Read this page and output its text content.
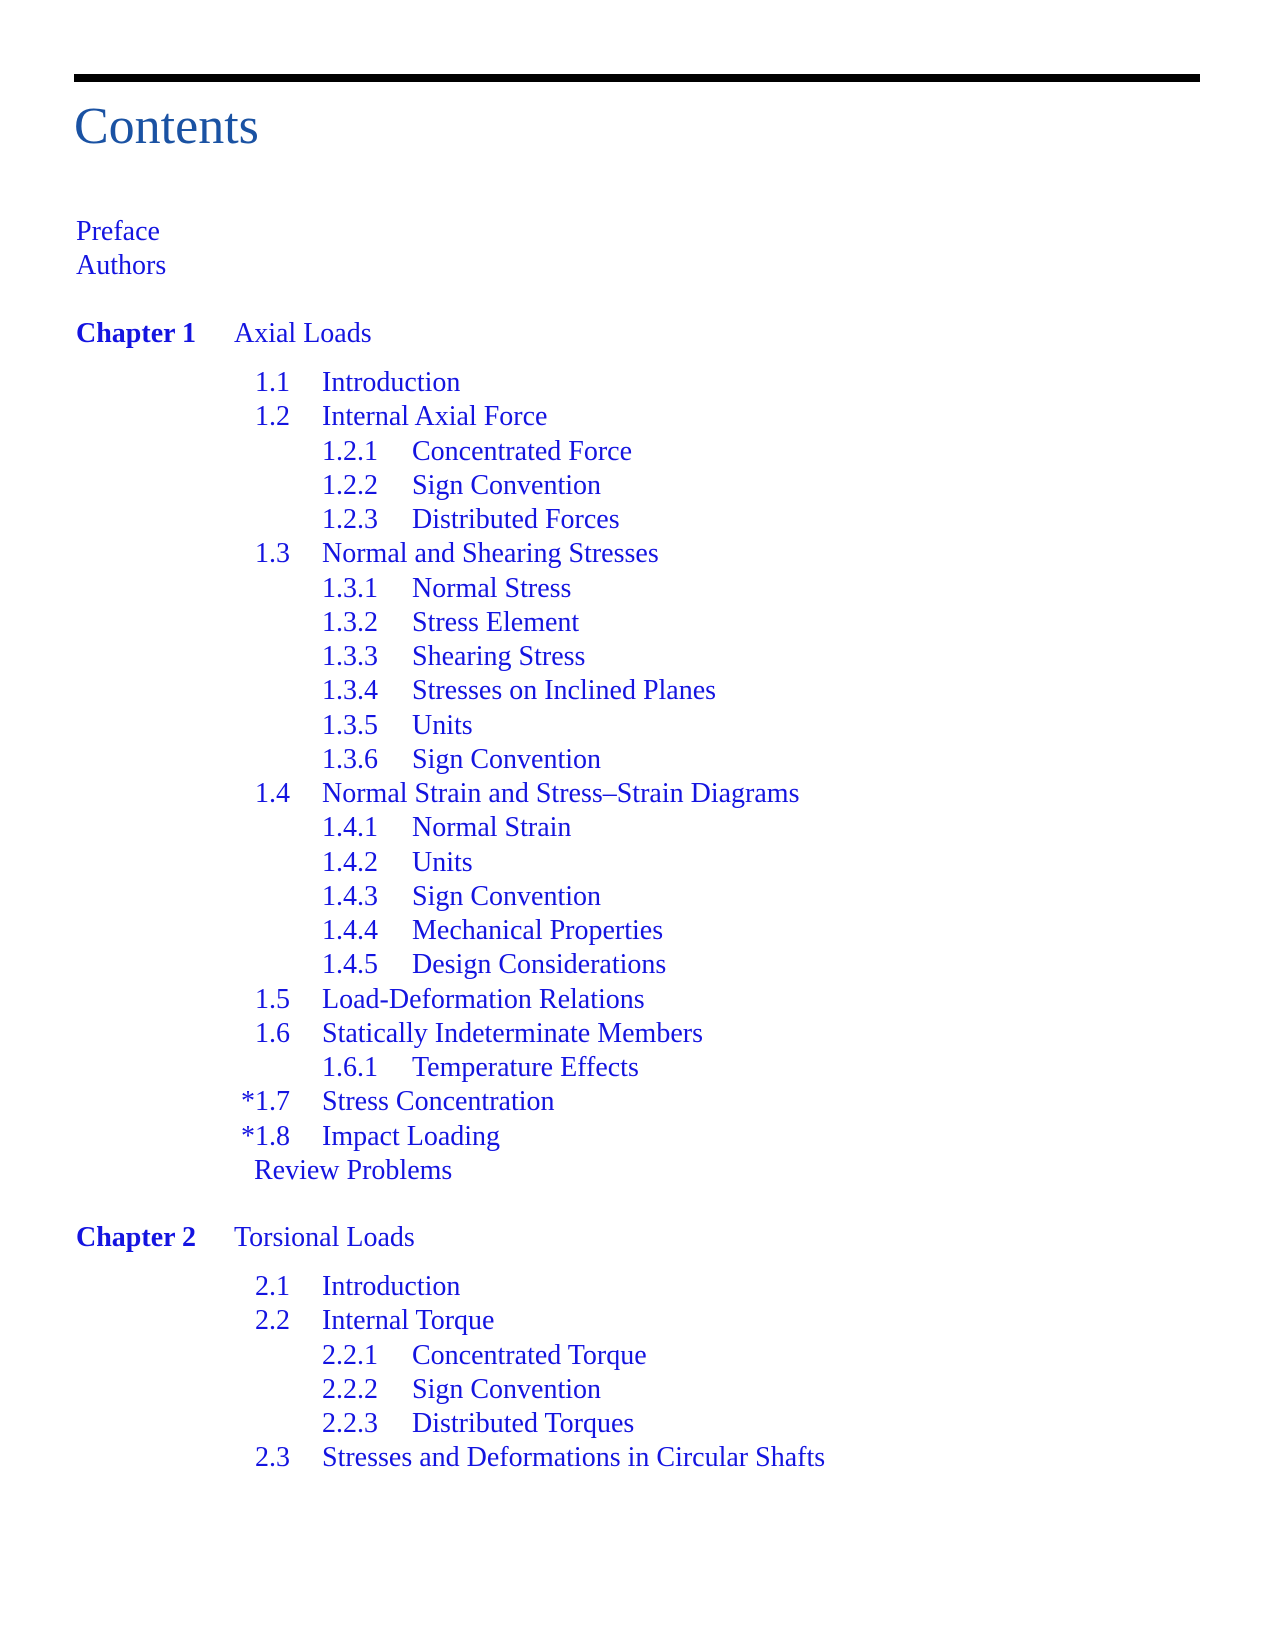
Contents
Preface
Authors
Chapter 1 Axial Loads
1.1 Introduction
1.2 Internal Axial Force
1.2.1 Concentrated Force
1.2.2 Sign Convention
1.2.3 Distributed Forces
1.3 Normal and Shearing Stresses
1.3.1 Normal Stress
1.3.2 Stress Element
1.3.3 Shearing Stress
1.3.4 Stresses on Inclined Planes
1.3.5 Units
1.3.6 Sign Convention
1.4 Normal Strain and Stress–Strain Diagrams
1.4.1 Normal Strain
1.4.2 Units
1.4.3 Sign Convention
1.4.4 Mechanical Properties
1.4.5 Design Considerations
1.5 Load-Deformation Relations
1.6 Statically Indeterminate Members
1.6.1 Temperature Effects
*1.7 Stress Concentration
*1.8 Impact Loading
Review Problems
Chapter 2 Torsional Loads
2.1 Introduction
2.2 Internal Torque
2.2.1 Concentrated Torque
2.2.2 Sign Convention
2.2.3 Distributed Torques
2.3 Stresses and Deformations in Circular Shafts
